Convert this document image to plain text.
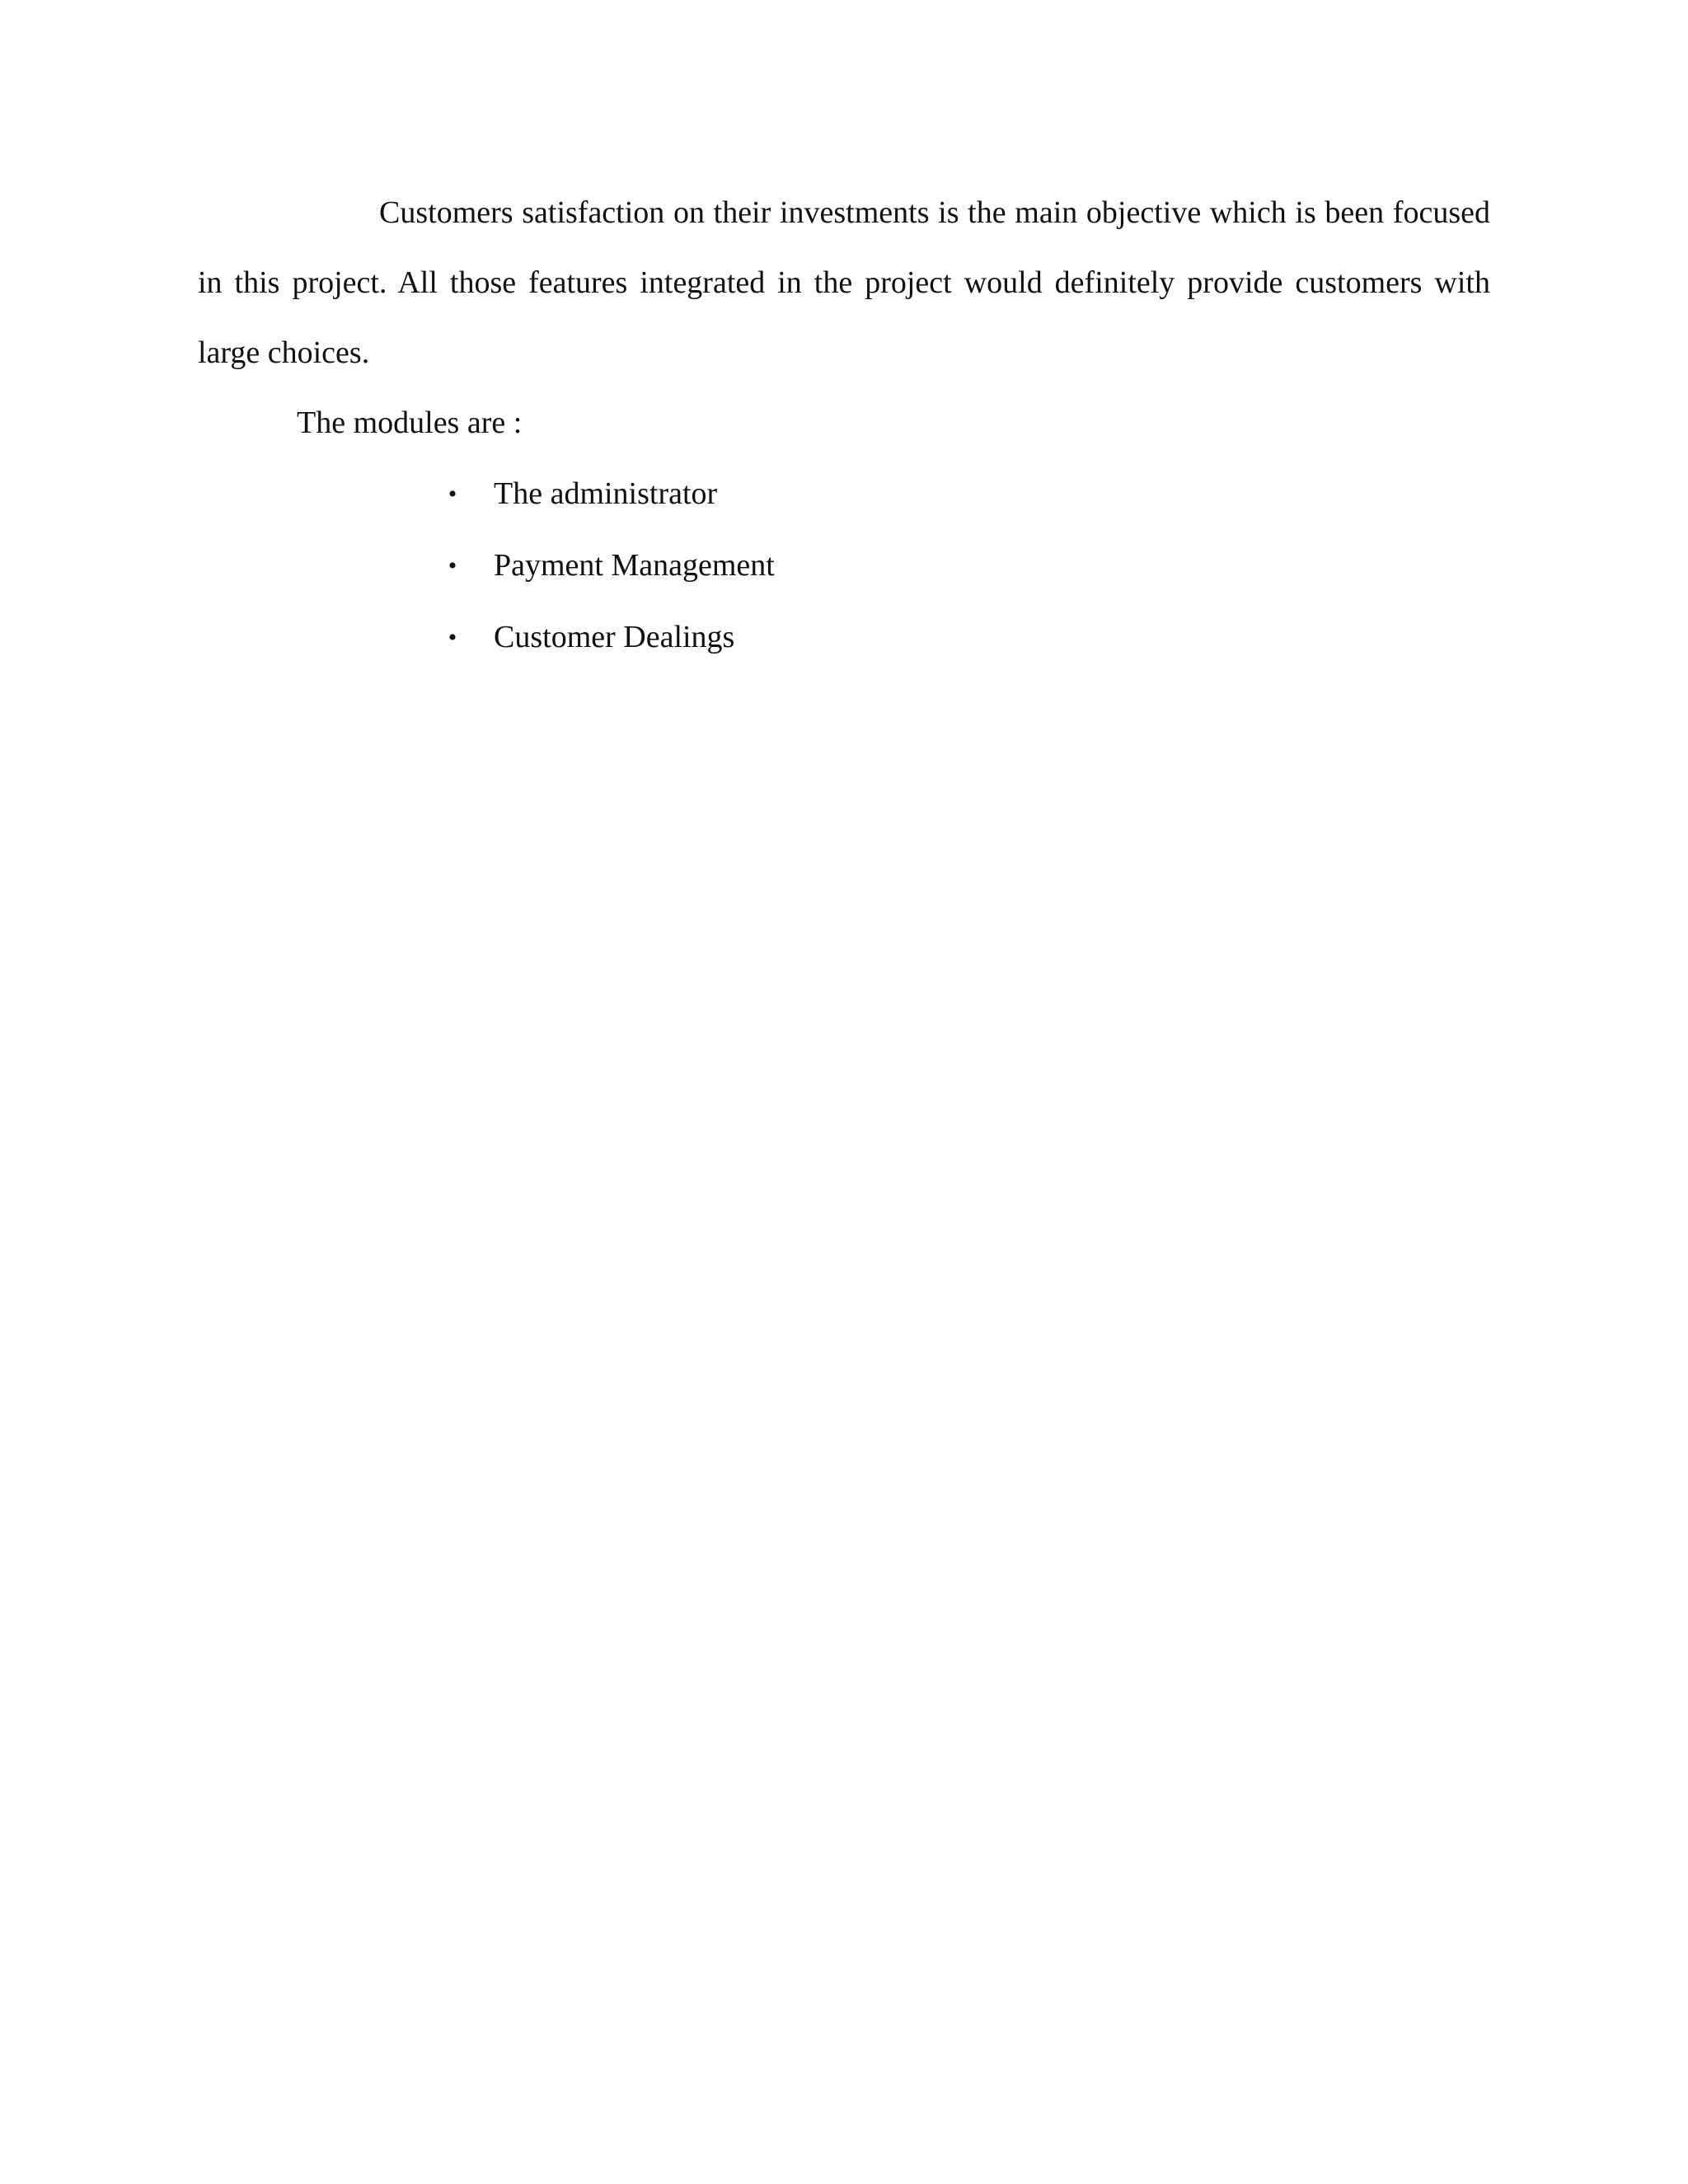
Customers satisfaction on their investments is the main objective which is been focused in this project. All those features integrated in the project would definitely provide customers with large choices.

The modules are :

• The administrator
• Payment Management
• Customer Dealings
